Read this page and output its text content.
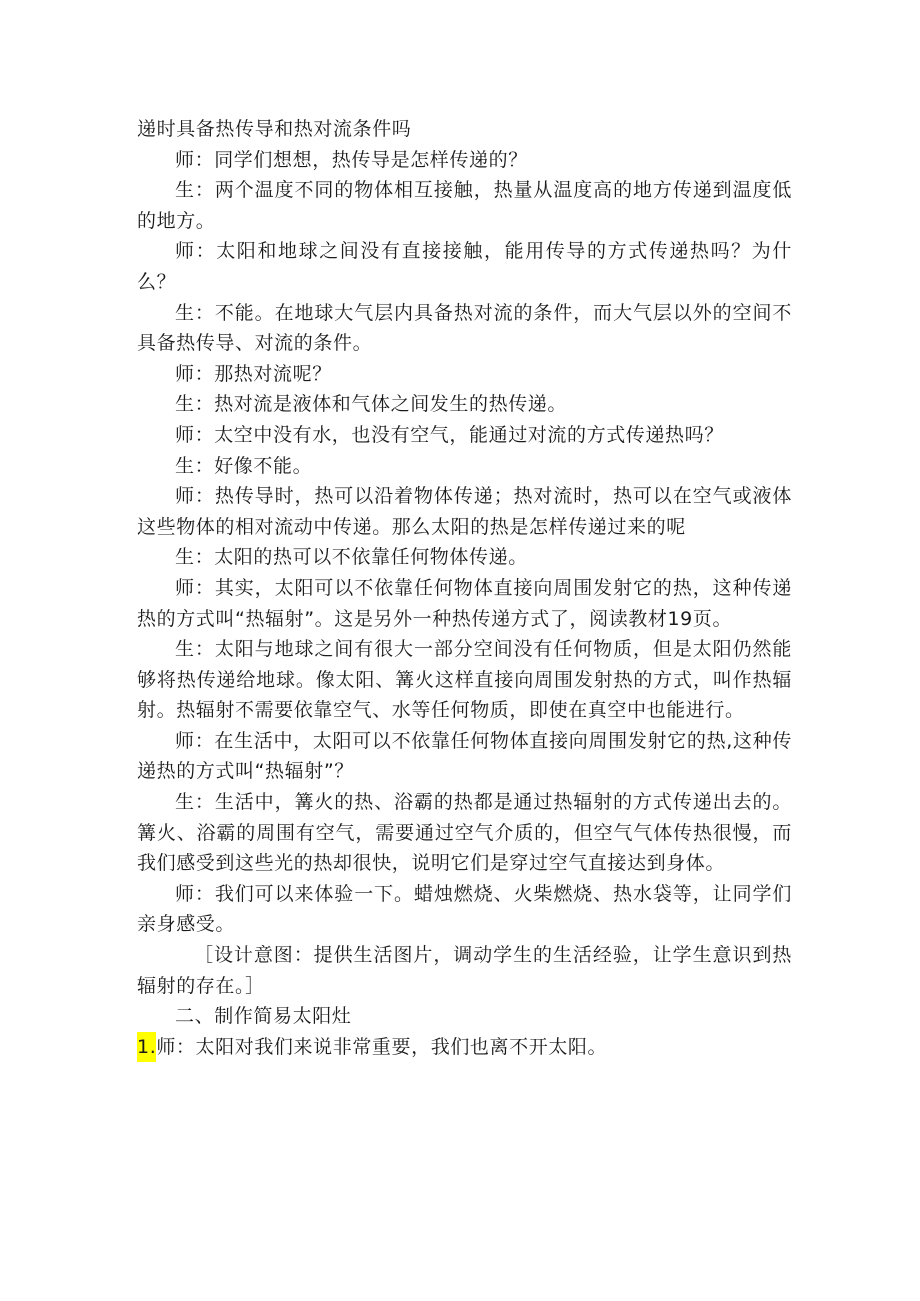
递时具备热传导和热对流条件吗

师：同学们想想，热传导是怎样传递的？

生：两个温度不同的物体相互接触，热量从温度高的地方传递到温度低的地方。

师：太阳和地球之间没有直接接触，能用传导的方式传递热吗？为什么？

生：不能。在地球大气层内具备热对流的条件，而大气层以外的空间不具备热传导、对流的条件。

师：那热对流呢？

生：热对流是液体和气体之间发生的热传递。

师：太空中没有水，也没有空气，能通过对流的方式传递热吗？

生：好像不能。

师：热传导时，热可以沿着物体传递；热对流时，热可以在空气或液体这些物体的相对流动中传递。那么太阳的热是怎样传递过来的呢

生：太阳的热可以不依靠任何物体传递。

师：其实，太阳可以不依靠任何物体直接向周围发射它的热，这种传递热的方式叫“热辐射”。这是另外一种热传递方式了，阅读教材19页。

生：太阳与地球之间有很大一部分空间没有任何物质，但是太阳仍然能够将热传递给地球。像太阳、篝火这样直接向周围发射热的方式，叫作热辐射。热辐射不需要依靠空气、水等任何物质，即使在真空中也能进行。

师：在生活中，太阳可以不依靠任何物体直接向周围发射它的热,这种传递热的方式叫“热辐射”？

生：生活中，篝火的热、浴霸的热都是通过热辐射的方式传递出去的。篝火、浴霸的周围有空气，需要通过空气介质的，但空气气体传热很慢，而我们感受到这些光的热却很快，说明它们是穿过空气直接达到身体。

师：我们可以来体验一下。蜡烛燃烧、火柴燃烧、热水袋等，让同学们亲身感受。

［设计意图：提供生活图片，调动学生的生活经验，让学生意识到热辐射的存在。］

二、制作简易太阳灶

1.师：太阳对我们来说非常重要，我们也离不开太阳。
